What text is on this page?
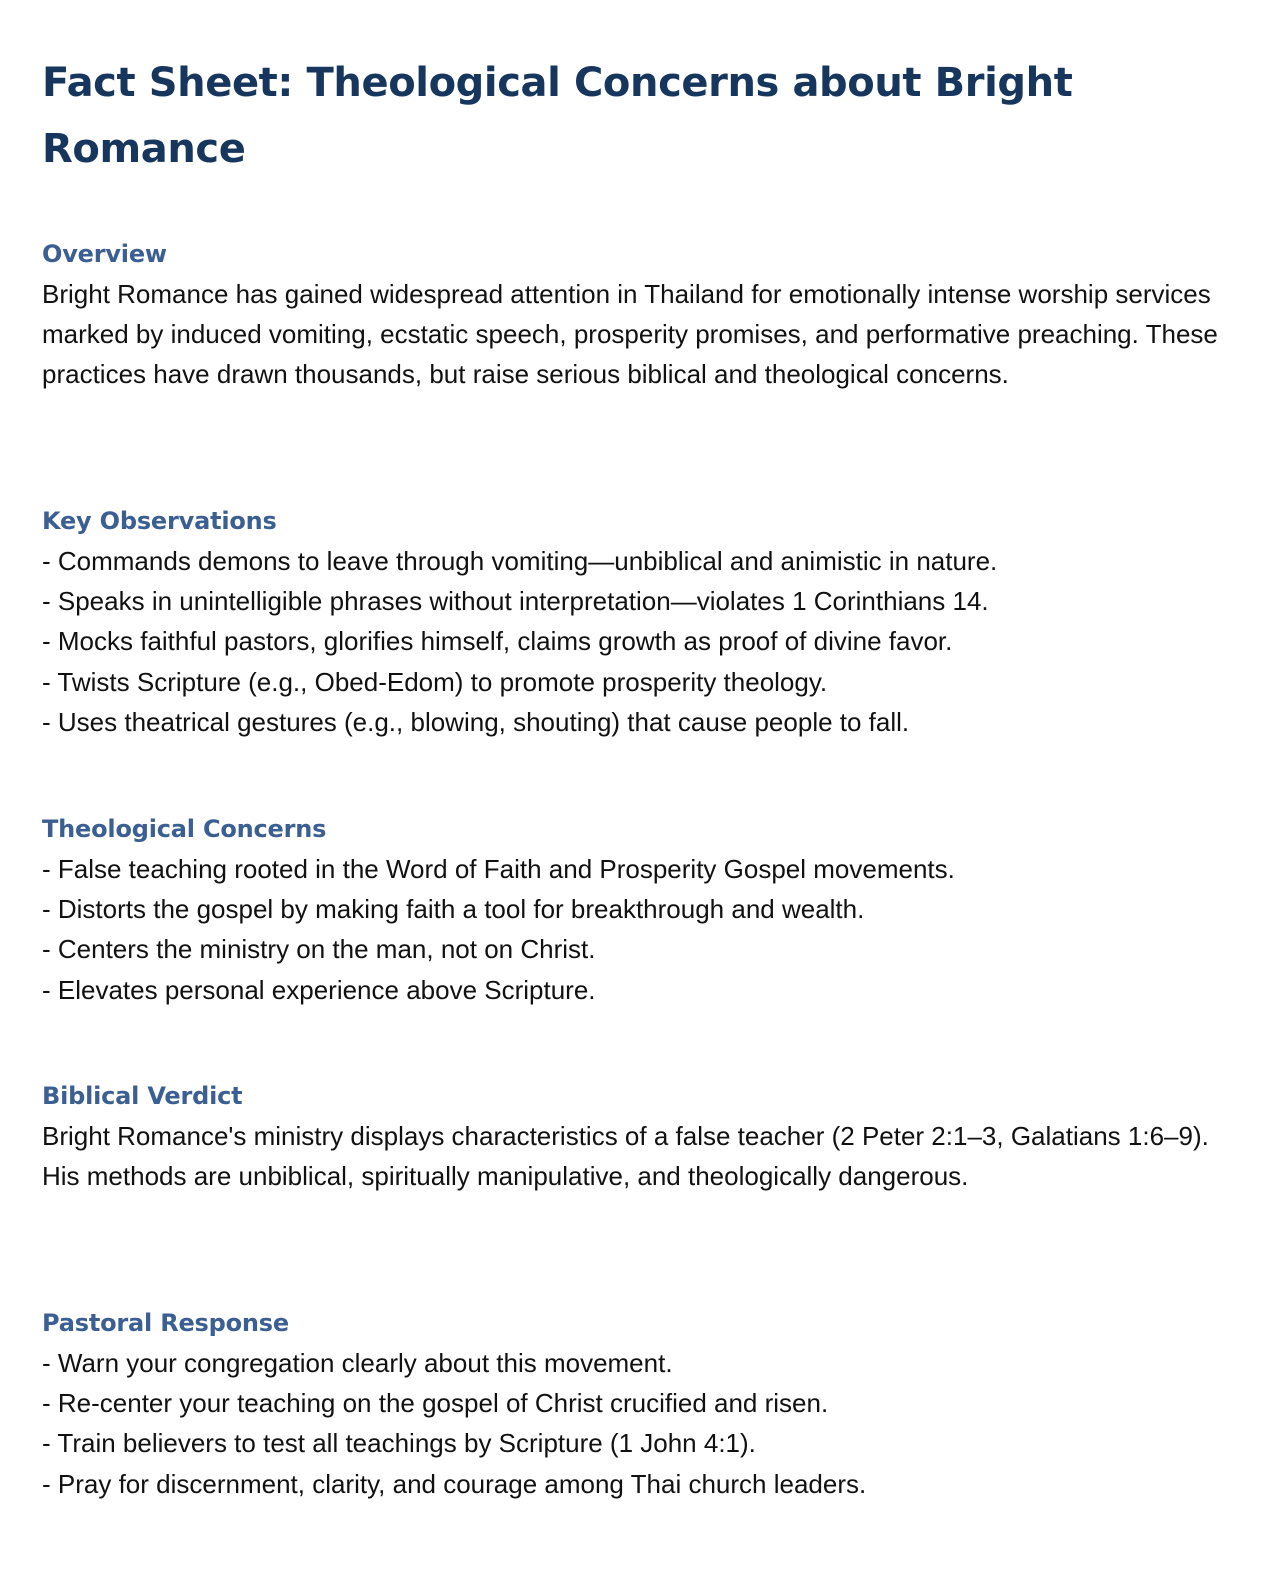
Fact Sheet: Theological Concerns about Bright Romance
Overview

Bright Romance has gained widespread attention in Thailand for emotionally intense worship services marked by induced vomiting, ecstatic speech, prosperity promises, and performative preaching. These practices have drawn thousands, but raise serious biblical and theological concerns.

Key Observations
- Commands demons to leave through vomiting—unbiblical and animistic in nature.
- Speaks in unintelligible phrases without interpretation—violates 1 Corinthians 14.
- Mocks faithful pastors, glorifies himself, claims growth as proof of divine favor.
- Twists Scripture (e.g., Obed-Edom) to promote prosperity theology.
- Uses theatrical gestures (e.g., blowing, shouting) that cause people to fall.
Theological Concerns
- False teaching rooted in the Word of Faith and Prosperity Gospel movements.
- Distorts the gospel by making faith a tool for breakthrough and wealth.
- Centers the ministry on the man, not on Christ.
- Elevates personal experience above Scripture.
Biblical Verdict

Bright Romance's ministry displays characteristics of a false teacher (2 Peter 2:1–3, Galatians 1:6–9). His methods are unbiblical, spiritually manipulative, and theologically dangerous.

Pastoral Response
- Warn your congregation clearly about this movement.
- Re-center your teaching on the gospel of Christ crucified and risen.
- Train believers to test all teachings by Scripture (1 John 4:1).
- Pray for discernment, clarity, and courage among Thai church leaders.
